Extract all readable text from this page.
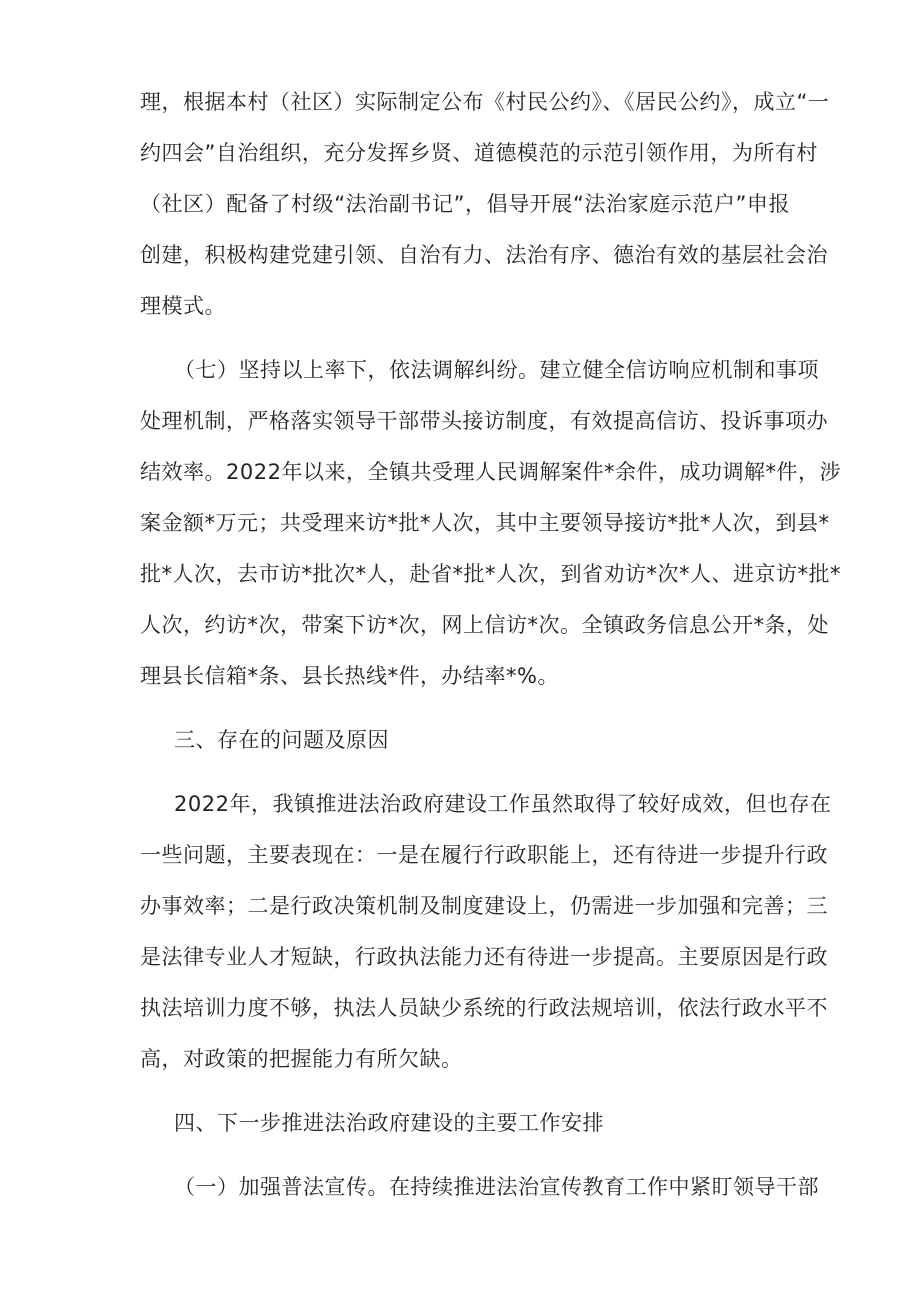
理，根据本村（社区）实际制定公布《村民公约》、《居民公约》，成立“一
约四会”自治组织，充分发挥乡贤、道德模范的示范引领作用，为所有村
（社区）配备了村级“法治副书记”，倡导开展“法治家庭示范户”申报
创建，积极构建党建引领、自治有力、法治有序、德治有效的基层社会治
理模式。
（七）坚持以上率下，依法调解纠纷。建立健全信访响应机制和事项
处理机制，严格落实领导干部带头接访制度，有效提高信访、投诉事项办
结效率。2022年以来，全镇共受理人民调解案件*余件，成功调解*件，涉
案金额*万元；共受理来访*批*人次，其中主要领导接访*批*人次，到县*
批*人次，去市访*批次*人，赴省*批*人次，到省劝访*次*人、进京访*批*
人次，约访*次，带案下访*次，网上信访*次。全镇政务信息公开*条，处
理县长信箱*条、县长热线*件，办结率*%。
三、存在的问题及原因
2022年，我镇推进法治政府建设工作虽然取得了较好成效，但也存在
一些问题，主要表现在：一是在履行行政职能上，还有待进一步提升行政
办事效率；二是行政决策机制及制度建设上，仍需进一步加强和完善；三
是法律专业人才短缺，行政执法能力还有待进一步提高。主要原因是行政
执法培训力度不够，执法人员缺少系统的行政法规培训，依法行政水平不
高，对政策的把握能力有所欠缺。
四、下一步推进法治政府建设的主要工作安排
（一）加强普法宣传。在持续推进法治宣传教育工作中紧盯领导干部
